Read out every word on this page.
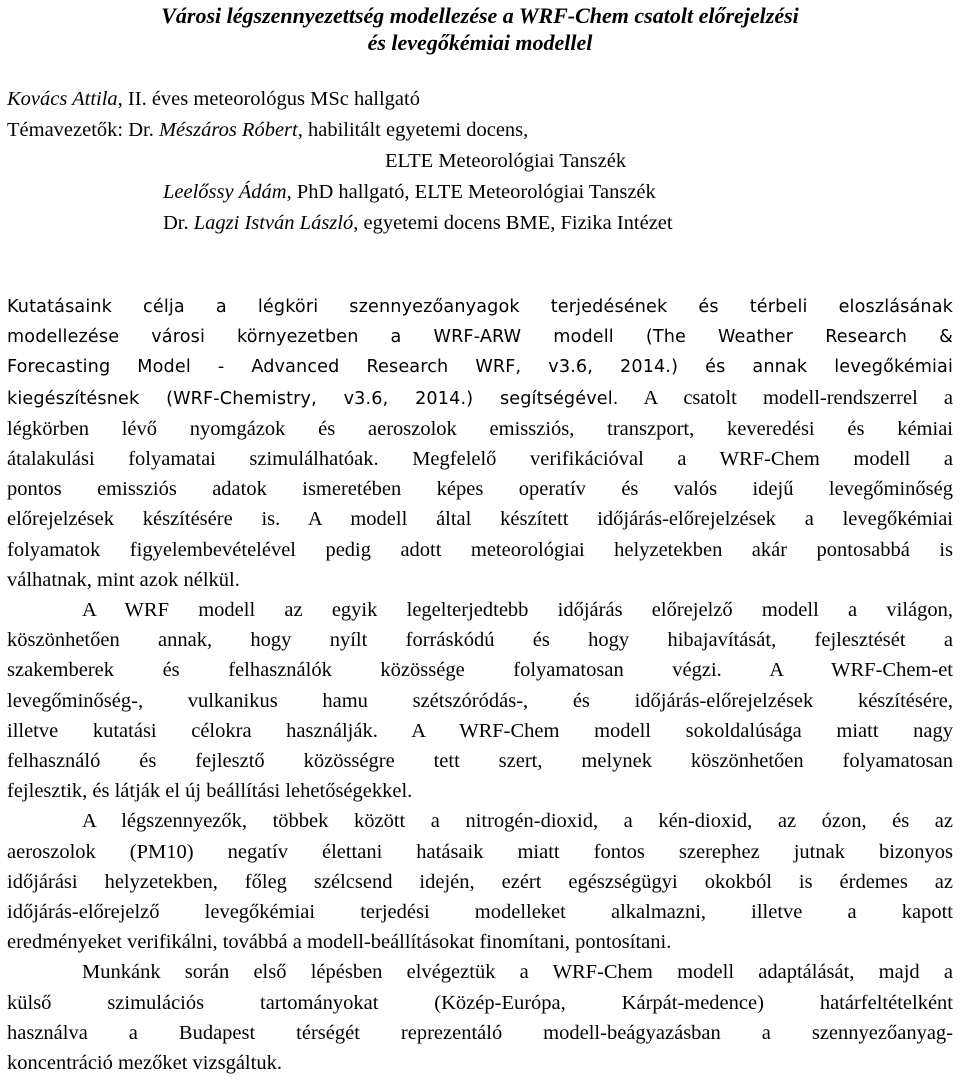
Városi légszennyezettség modellezése a WRF-Chem csatolt előrejelzési
és levegőkémiai modellel

Kovács Attila, II. éves meteorológus MSc hallgató

Témavezetők: Dr. Mészáros Róbert, habilitált egyetemi docens,

ELTE Meteorológiai Tanszék

Leelőssy Ádám, PhD hallgató, ELTE Meteorológiai Tanszék

Dr. Lagzi István László, egyetemi docens BME, Fizika Intézet

Kutatásaink célja a légköri szennyezőanyagok terjedésének és térbeli eloszlásának
modellezése városi környezetben a WRF-ARW modell (The Weather Research &
Forecasting Model - Advanced Research WRF, v3.6, 2014.) és annak levegőkémiai
kiegészítésnek (WRF-Chemistry, v3.6, 2014.) segítségével. A csatolt modell-rendszerrel a
légkörben lévő nyomgázok és aeroszolok emissziós, transzport, keveredési és kémiai
átalakulási folyamatai szimulálhatóak. Megfelelő verifikációval a WRF-Chem modell a
pontos emissziós adatok ismeretében képes operatív és valós idejű levegőminőség
előrejelzések készítésére is. A modell által készített időjárás-előrejelzések a levegőkémiai
folyamatok figyelembevételével pedig adott meteorológiai helyzetekben akár pontosabbá is
válhatnak, mint azok nélkül.

A WRF modell az egyik legelterjedtebb időjárás előrejelző modell a világon,
köszönhetően annak, hogy nyílt forráskódú és hogy hibajavítását, fejlesztését a
szakemberek és felhasználók közössége folyamatosan végzi. A WRF-Chem-et
levegőminőség-, vulkanikus hamu szétszóródás-, és időjárás-előrejelzések készítésére,
illetve kutatási célokra használják. A WRF-Chem modell sokoldalúsága miatt nagy
felhasználó és fejlesztő közösségre tett szert, melynek köszönhetően folyamatosan
fejlesztik, és látják el új beállítási lehetőségekkel.

A légszennyezők, többek között a nitrogén-dioxid, a kén-dioxid, az ózon, és az
aeroszolok (PM10) negatív élettani hatásaik miatt fontos szerephez jutnak bizonyos
időjárási helyzetekben, főleg szélcsend idején, ezért egészségügyi okokból is érdemes az
időjárás-előrejelző levegőkémiai terjedési modelleket alkalmazni, illetve a kapott
eredményeket verifikálni, továbbá a modell-beállításokat finomítani, pontosítani.

Munkánk során első lépésben elvégeztük a WRF-Chem modell adaptálását, majd a
külső szimulációs tartományokat (Közép-Európa, Kárpát-medence) határfeltételként
használva a Budapest térségét reprezentáló modell-beágyazásban a szennyezőanyag-
koncentráció mezőket vizsgáltuk.
